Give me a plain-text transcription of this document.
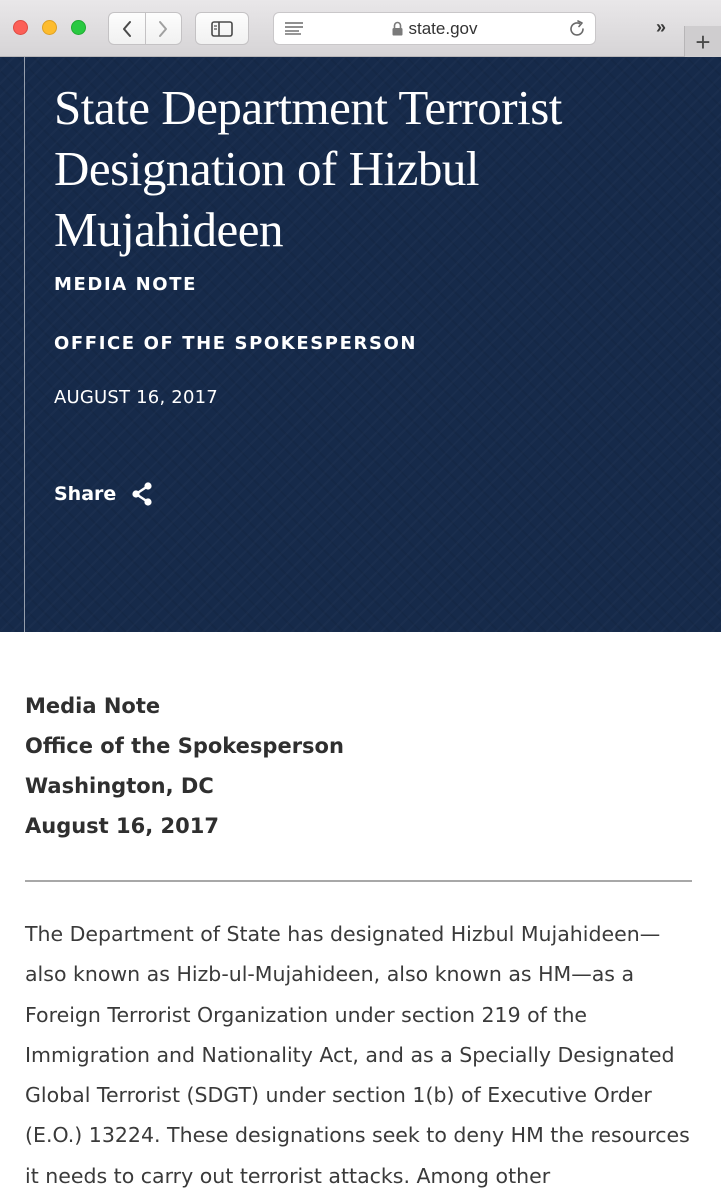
state.gov	›› +
State Department Terrorist Designation of Hizbul Mujahideen
MEDIA NOTE
OFFICE OF THE SPOKESPERSON
AUGUST 16, 2017
Share
Media Note
Office of the Spokesperson
Washington, DC
August 16, 2017

The Department of State has designated Hizbul Mujahideen— also known as Hizb-ul-Mujahideen, also known as HM—as a Foreign Terrorist Organization under section 219 of the Immigration and Nationality Act, and as a Specially Designated Global Terrorist (SDGT) under section 1(b) of Executive Order (E.O.) 13224. These designations seek to deny HM the resources it needs to carry out terrorist attacks. Among other
